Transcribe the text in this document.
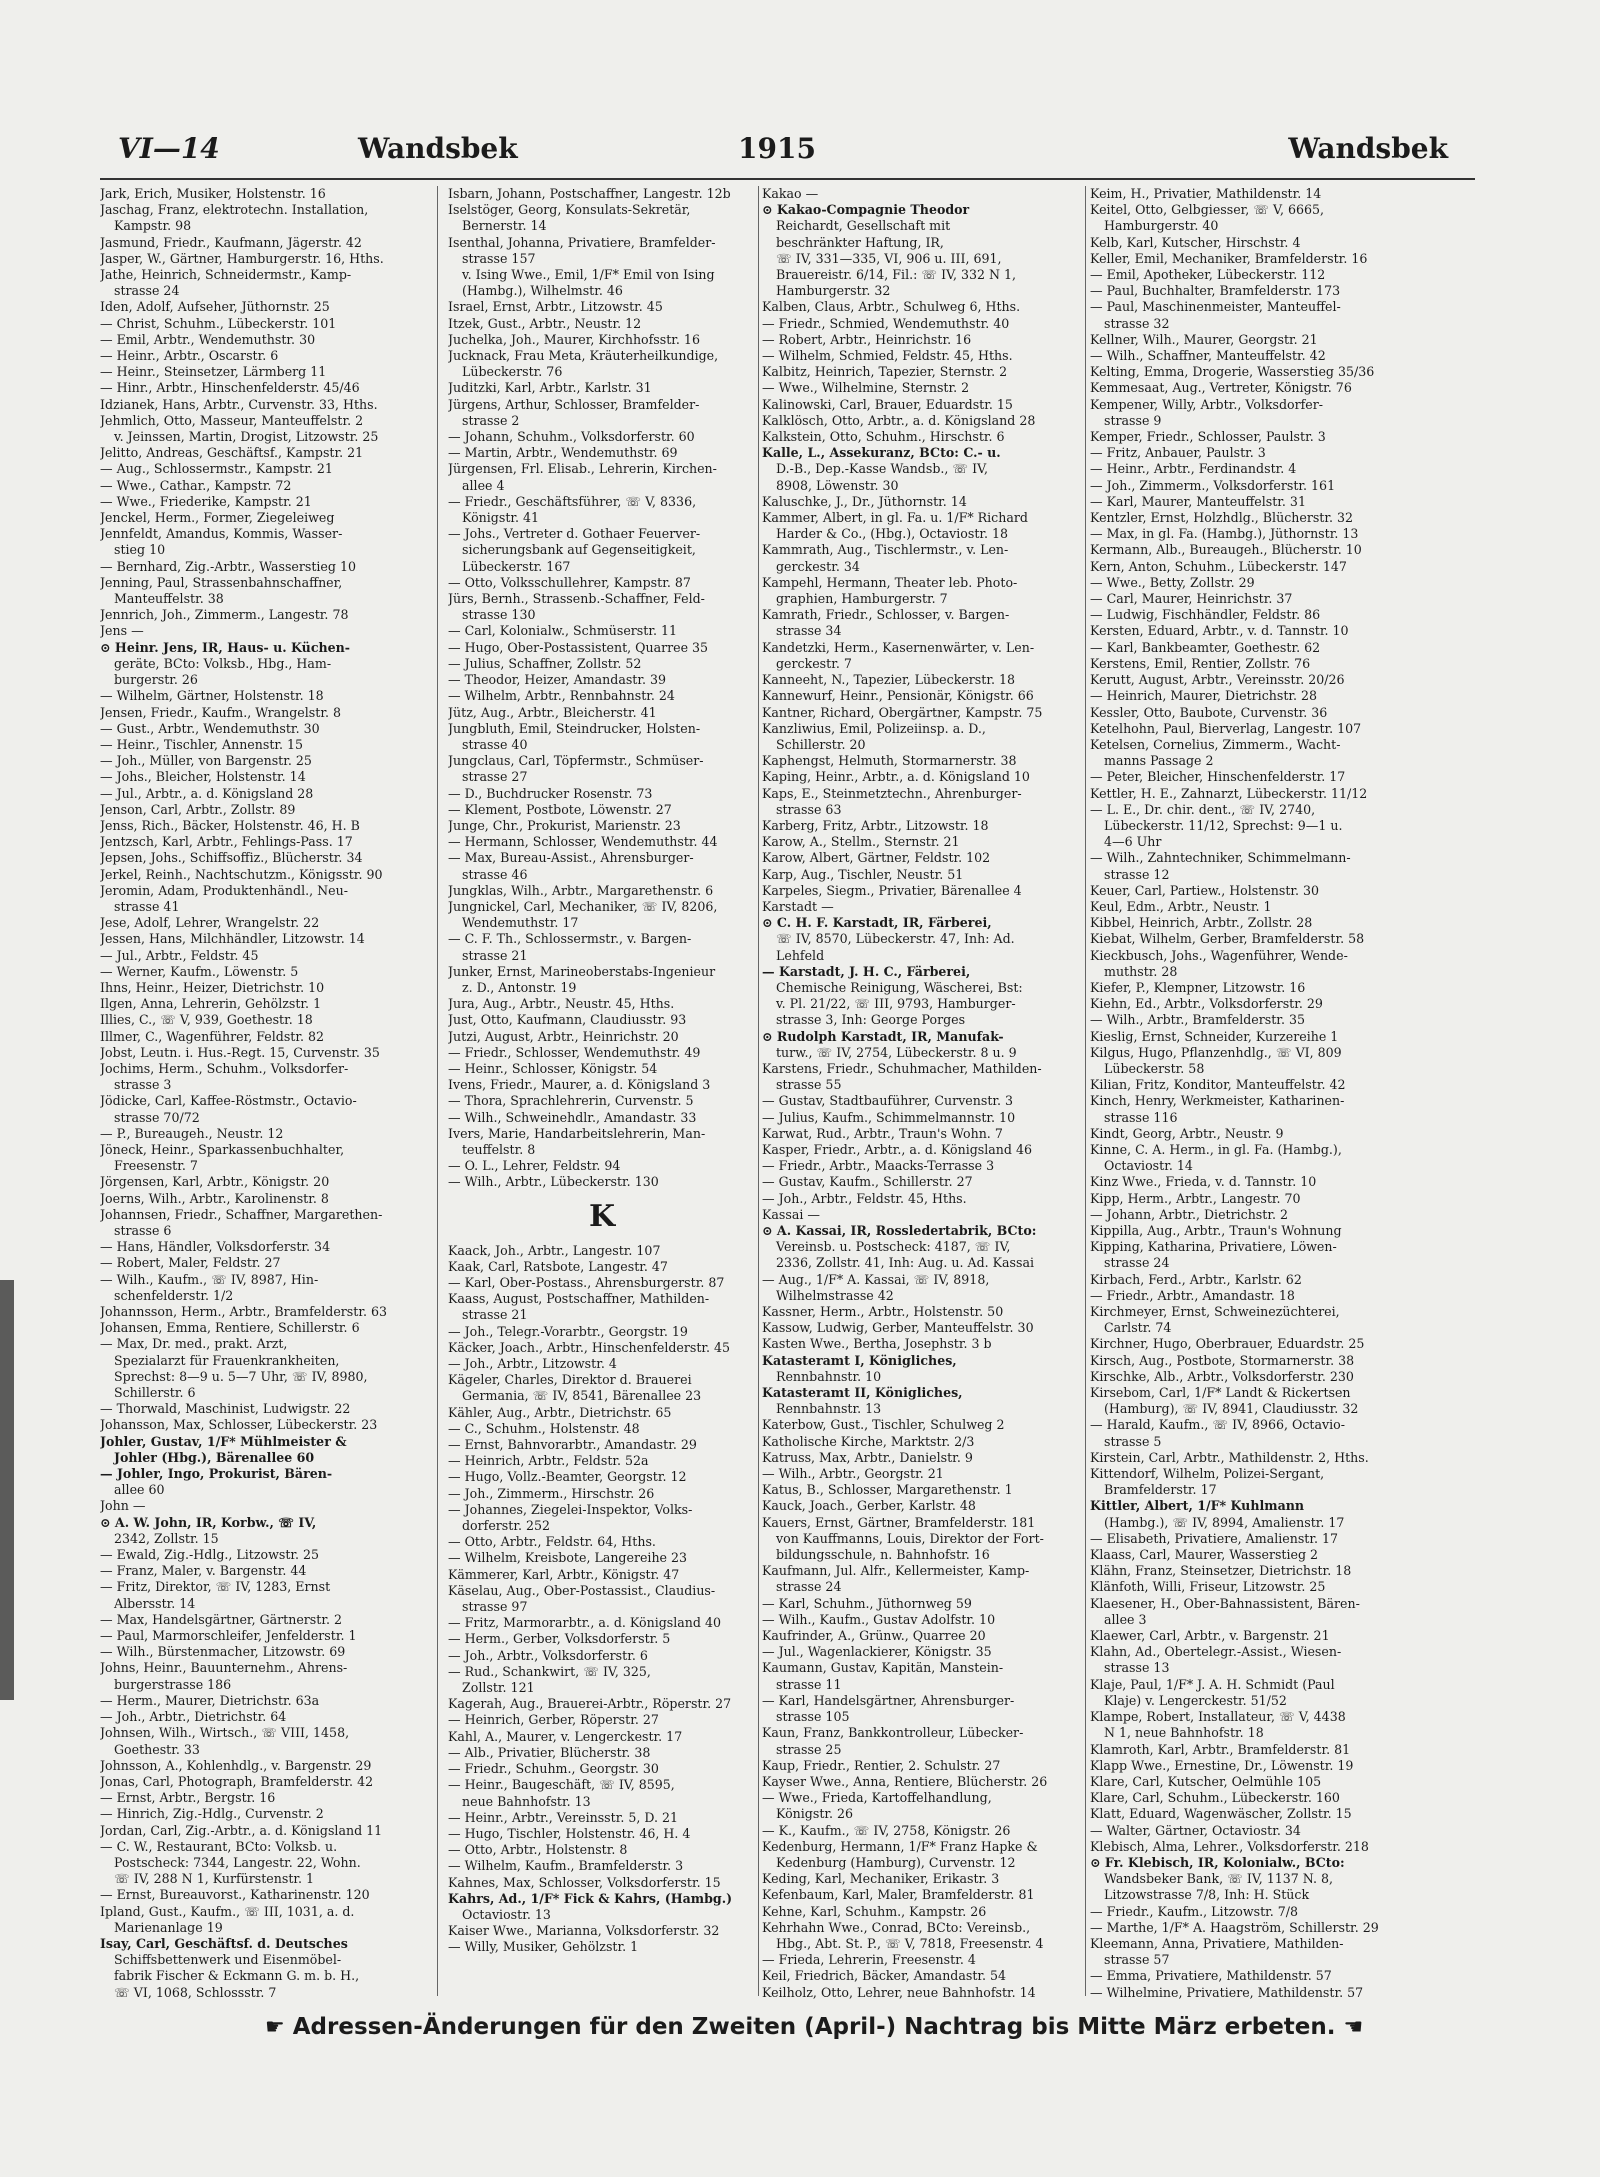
VI—14	Wandsbek	1915	Wandsbek
Jark, Erich, Musiker, Holstenstr. 16
Jaschag, Franz, elektrotechn. Installation,
Kampstr. 98
Jasmund, Friedr., Kaufmann, Jägerstr. 42
Jasper, W., Gärtner, Hamburgerstr. 16, Hths.
Jathe, Heinrich, Schneidermstr., Kamp-
strasse 24
Iden, Adolf, Aufseher, Jüthornstr. 25
— Christ, Schuhm., Lübeckerstr. 101
— Emil, Arbtr., Wendemuthstr. 30
— Heinr., Arbtr., Oscarstr. 6
— Heinr., Steinsetzer, Lärmberg 11
— Hinr., Arbtr., Hinschenfelderstr. 45/46
Idzianek, Hans, Arbtr., Curvenstr. 33, Hths.
Jehmlich, Otto, Masseur, Manteuffelstr. 2
v. Jeinssen, Martin, Drogist, Litzowstr. 25
Jelitto, Andreas, Geschäftsf., Kampstr. 21
— Aug., Schlossermstr., Kampstr. 21
— Wwe., Cathar., Kampstr. 72
— Wwe., Friederike, Kampstr. 21
Jenckel, Herm., Former, Ziegeleiweg
Jennfeldt, Amandus, Kommis, Wasser-
stieg 10
— Bernhard, Zig.-Arbtr., Wasserstieg 10
Jenning, Paul, Strassenbahnschaffner,
Manteuffelstr. 38
Jennrich, Joh., Zimmerm., Langestr. 78
Jens —
⊙ Heinr. Jens, IR, Haus- u. Küchen-
geräte, BCto: Volksb., Hbg., Ham-
burgerstr. 26
— Wilhelm, Gärtner, Holstenstr. 18
Jensen, Friedr., Kaufm., Wrangelstr. 8
— Gust., Arbtr., Wendemuthstr. 30
— Heinr., Tischler, Annenstr. 15
— Joh., Müller, von Bargenstr. 25
— Johs., Bleicher, Holstenstr. 14
— Jul., Arbtr., a. d. Königsland 28
Jenson, Carl, Arbtr., Zollstr. 89
Jenss, Rich., Bäcker, Holstenstr. 46, H. B
Jentzsch, Karl, Arbtr., Fehlings-Pass. 17
Jepsen, Johs., Schiffsoffiz., Blücherstr. 34
Jerkel, Reinh., Nachtschutzm., Königsstr. 90
Jeromin, Adam, Produktenhändl., Neu-
strasse 41
Jese, Adolf, Lehrer, Wrangelstr. 22
Jessen, Hans, Milchhändler, Litzowstr. 14
— Jul., Arbtr., Feldstr. 45
— Werner, Kaufm., Löwenstr. 5
Ihns, Heinr., Heizer, Dietrichstr. 10
Ilgen, Anna, Lehrerin, Gehölzstr. 1
Illies, C., ☏ V, 939, Goethestr. 18
Illmer, C., Wagenführer, Feldstr. 82
Jobst, Leutn. i. Hus.-Regt. 15, Curvenstr. 35
Jochims, Herm., Schuhm., Volksdorfer-
strasse 3
Jödicke, Carl, Kaffee-Röstmstr., Octavio-
strasse 70/72
— P., Bureaugeh., Neustr. 12
Jöneck, Heinr., Sparkassenbuchhalter,
Freesenstr. 7
Jörgensen, Karl, Arbtr., Königstr. 20
Joerns, Wilh., Arbtr., Karolinenstr. 8
Johannsen, Friedr., Schaffner, Margarethen-
strasse 6
— Hans, Händler, Volksdorferstr. 34
— Robert, Maler, Feldstr. 27
— Wilh., Kaufm., ☏ IV, 8987, Hin-
schenfelderstr. 1/2
Johannsson, Herm., Arbtr., Bramfelderstr. 63
Johansen, Emma, Rentiere, Schillerstr. 6
— Max, Dr. med., prakt. Arzt,
Spezialarzt für Frauenkrankheiten,
Sprechst: 8—9 u. 5—7 Uhr, ☏ IV, 8980,
Schillerstr. 6
— Thorwald, Maschinist, Ludwigstr. 22
Johansson, Max, Schlosser, Lübeckerstr. 23
Johler, Gustav, 1/F* Mühlmeister &
Johler (Hbg.), Bärenallee 60
— Johler, Ingo, Prokurist, Bären-
allee 60
John —
⊙ A. W. John, IR, Korbw., ☏ IV,
2342, Zollstr. 15
— Ewald, Zig.-Hdlg., Litzowstr. 25
— Franz, Maler, v. Bargenstr. 44
— Fritz, Direktor, ☏ IV, 1283, Ernst
Albersstr. 14
— Max, Handelsgärtner, Gärtnerstr. 2
— Paul, Marmorschleifer, Jenfelderstr. 1
— Wilh., Bürstenmacher, Litzowstr. 69
Johns, Heinr., Bauunternehm., Ahrens-
burgerstrasse 186
— Herm., Maurer, Dietrichstr. 63a
— Joh., Arbtr., Dietrichstr. 64
Johnsen, Wilh., Wirtsch., ☏ VIII, 1458,
Goethestr. 33
Johnsson, A., Kohlenhdlg., v. Bargenstr. 29
Jonas, Carl, Photograph, Bramfelderstr. 42
— Ernst, Arbtr., Bergstr. 16
— Hinrich, Zig.-Hdlg., Curvenstr. 2
Jordan, Carl, Zig.-Arbtr., a. d. Königsland 11
— C. W., Restaurant, BCto: Volksb. u.
Postscheck: 7344, Langestr. 22, Wohn.
☏ IV, 288 N 1, Kurfürstenstr. 1
— Ernst, Bureauvorst., Katharinenstr. 120
Ipland, Gust., Kaufm., ☏ III, 1031, a. d.
Marienanlage 19
Isay, Carl, Geschäftsf. d. Deutsches
Schiffsbettenwerk und Eisenmöbel-
fabrik Fischer & Eckmann G. m. b. H.,
☏ VI, 1068, Schlossstr. 7
Isbarn, Johann, Postschaffner, Langestr. 12b
Iselstöger, Georg, Konsulats-Sekretär,
Bernerstr. 14
Isenthal, Johanna, Privatiere, Bramfelder-
strasse 157
v. Ising Wwe., Emil, 1/F* Emil von Ising
(Hambg.), Wilhelmstr. 46
Israel, Ernst, Arbtr., Litzowstr. 45
Itzek, Gust., Arbtr., Neustr. 12
Juchelka, Joh., Maurer, Kirchhofsstr. 16
Jucknack, Frau Meta, Kräuterheilkundige,
Lübeckerstr. 76
Juditzki, Karl, Arbtr., Karlstr. 31
Jürgens, Arthur, Schlosser, Bramfelder-
strasse 2
— Johann, Schuhm., Volksdorferstr. 60
— Martin, Arbtr., Wendemuthstr. 69
Jürgensen, Frl. Elisab., Lehrerin, Kirchen-
allee 4
— Friedr., Geschäftsführer, ☏ V, 8336,
Königstr. 41
— Johs., Vertreter d. Gothaer Feuerver-
sicherungsbank auf Gegenseitigkeit,
Lübeckerstr. 167
— Otto, Volksschullehrer, Kampstr. 87
Jürs, Bernh., Strassenb.-Schaffner, Feld-
strasse 130
— Carl, Kolonialw., Schmüserstr. 11
— Hugo, Ober-Postassistent, Quarree 35
— Julius, Schaffner, Zollstr. 52
— Theodor, Heizer, Amandastr. 39
— Wilhelm, Arbtr., Rennbahnstr. 24
Jütz, Aug., Arbtr., Bleicherstr. 41
Jungbluth, Emil, Steindrucker, Holsten-
strasse 40
Jungclaus, Carl, Töpfermstr., Schmüser-
strasse 27
— D., Buchdrucker Rosenstr. 73
— Klement, Postbote, Löwenstr. 27
Junge, Chr., Prokurist, Marienstr. 23
— Hermann, Schlosser, Wendemuthstr. 44
— Max, Bureau-Assist., Ahrensburger-
strasse 46
Jungklas, Wilh., Arbtr., Margarethenstr. 6
Jungnickel, Carl, Mechaniker, ☏ IV, 8206,
Wendemuthstr. 17
— C. F. Th., Schlossermstr., v. Bargen-
strasse 21
Junker, Ernst, Marineoberstabs-Ingenieur
z. D., Antonstr. 19
Jura, Aug., Arbtr., Neustr. 45, Hths.
Just, Otto, Kaufmann, Claudiusstr. 93
Jutzi, August, Arbtr., Heinrichstr. 20
— Friedr., Schlosser, Wendemuthstr. 49
— Heinr., Schlosser, Königstr. 54
Ivens, Friedr., Maurer, a. d. Königsland 3
— Thora, Sprachlehrerin, Curvenstr. 5
— Wilh., Schweinehdlr., Amandastr. 33
Ivers, Marie, Handarbeitslehrerin, Man-
teuffelstr. 8
— O. L., Lehrer, Feldstr. 94
— Wilh., Arbtr., Lübeckerstr. 130
K
Kaack, Joh., Arbtr., Langestr. 107
Kaak, Carl, Ratsbote, Langestr. 47
— Karl, Ober-Postass., Ahrensburgerstr. 87
Kaass, August, Postschaffner, Mathilden-
strasse 21
— Joh., Telegr.-Vorarbtr., Georgstr. 19
Käcker, Joach., Arbtr., Hinschenfelderstr. 45
— Joh., Arbtr., Litzowstr. 4
Kägeler, Charles, Direktor d. Brauerei
Germania, ☏ IV, 8541, Bärenallee 23
Kähler, Aug., Arbtr., Dietrichstr. 65
— C., Schuhm., Holstenstr. 48
— Ernst, Bahnvorarbtr., Amandastr. 29
— Heinrich, Arbtr., Feldstr. 52a
— Hugo, Vollz.-Beamter, Georgstr. 12
— Joh., Zimmerm., Hirschstr. 26
— Johannes, Ziegelei-Inspektor, Volks-
dorferstr. 252
— Otto, Arbtr., Feldstr. 64, Hths.
— Wilhelm, Kreisbote, Langereihe 23
Kämmerer, Karl, Arbtr., Königstr. 47
Käselau, Aug., Ober-Postassist., Claudius-
strasse 97
— Fritz, Marmorarbtr., a. d. Königsland 40
— Herm., Gerber, Volksdorferstr. 5
— Joh., Arbtr., Volksdorferstr. 6
— Rud., Schankwirt, ☏ IV, 325,
Zollstr. 121
Kagerah, Aug., Brauerei-Arbtr., Röperstr. 27
— Heinrich, Gerber, Röperstr. 27
Kahl, A., Maurer, v. Lengerckestr. 17
— Alb., Privatier, Blücherstr. 38
— Friedr., Schuhm., Georgstr. 30
— Heinr., Baugeschäft, ☏ IV, 8595,
neue Bahnhofstr. 13
— Heinr., Arbtr., Vereinsstr. 5, D. 21
— Hugo, Tischler, Holstenstr. 46, H. 4
— Otto, Arbtr., Holstenstr. 8
— Wilhelm, Kaufm., Bramfelderstr. 3
Kahnes, Max, Schlosser, Volksdorferstr. 15
Kahrs, Ad., 1/F* Fick & Kahrs, (Hambg.)
Octaviostr. 13
Kaiser Wwe., Marianna, Volksdorferstr. 32
— Willy, Musiker, Gehölzstr. 1
Kakao —
⊙ Kakao-Compagnie Theodor
Reichardt, Gesellschaft mit
beschränkter Haftung, IR,
☏ IV, 331—335, VI, 906 u. III, 691,
Brauereistr. 6/14, Fil.: ☏ IV, 332 N 1,
Hamburgerstr. 32
Kalben, Claus, Arbtr., Schulweg 6, Hths.
— Friedr., Schmied, Wendemuthstr. 40
— Robert, Arbtr., Heinrichstr. 16
— Wilhelm, Schmied, Feldstr. 45, Hths.
Kalbitz, Heinrich, Tapezier, Sternstr. 2
— Wwe., Wilhelmine, Sternstr. 2
Kalinowski, Carl, Brauer, Eduardstr. 15
Kalklösch, Otto, Arbtr., a. d. Königsland 28
Kalkstein, Otto, Schuhm., Hirschstr. 6
Kalle, L., Assekuranz, BCto: C.- u.
D.-B., Dep.-Kasse Wandsb., ☏ IV,
8908, Löwenstr. 30
Kaluschke, J., Dr., Jüthornstr. 14
Kammer, Albert, in gl. Fa. u. 1/F* Richard
Harder & Co., (Hbg.), Octaviostr. 18
Kammrath, Aug., Tischlermstr., v. Len-
gerckestr. 34
Kampehl, Hermann, Theater leb. Photo-
graphien, Hamburgerstr. 7
Kamrath, Friedr., Schlosser, v. Bargen-
strasse 34
Kandetzki, Herm., Kasernenwärter, v. Len-
gerckestr. 7
Kanneeht, N., Tapezier, Lübeckerstr. 18
Kannewurf, Heinr., Pensionär, Königstr. 66
Kantner, Richard, Obergärtner, Kampstr. 75
Kanzliwius, Emil, Polizeiinsp. a. D.,
Schillerstr. 20
Kaphengst, Helmuth, Stormarnerstr. 38
Kaping, Heinr., Arbtr., a. d. Königsland 10
Kaps, E., Steinmetztechn., Ahrenburger-
strasse 63
Karberg, Fritz, Arbtr., Litzowstr. 18
Karow, A., Stellm., Sternstr. 21
Karow, Albert, Gärtner, Feldstr. 102
Karp, Aug., Tischler, Neustr. 51
Karpeles, Siegm., Privatier, Bärenallee 4
Karstadt —
⊙ C. H. F. Karstadt, IR, Färberei,
☏ IV, 8570, Lübeckerstr. 47, Inh: Ad.
Lehfeld
— Karstadt, J. H. C., Färberei,
Chemische Reinigung, Wäscherei, Bst:
v. Pl. 21/22, ☏ III, 9793, Hamburger-
strasse 3, Inh: George Porges
⊙ Rudolph Karstadt, IR, Manufak-
turw., ☏ IV, 2754, Lübeckerstr. 8 u. 9
Karstens, Friedr., Schuhmacher, Mathilden-
strasse 55
— Gustav, Stadtbauführer, Curvenstr. 3
— Julius, Kaufm., Schimmelmannstr. 10
Karwat, Rud., Arbtr., Traun's Wohn. 7
Kasper, Friedr., Arbtr., a. d. Königsland 46
— Friedr., Arbtr., Maacks-Terrasse 3
— Gustav, Kaufm., Schillerstr. 27
— Joh., Arbtr., Feldstr. 45, Hths.
Kassai —
⊙ A. Kassai, IR, Rossledertabrik, BCto:
Vereinsb. u. Postscheck: 4187, ☏ IV,
2336, Zollstr. 41, Inh: Aug. u. Ad. Kassai
— Aug., 1/F* A. Kassai, ☏ IV, 8918,
Wilhelmstrasse 42
Kassner, Herm., Arbtr., Holstenstr. 50
Kassow, Ludwig, Gerber, Manteuffelstr. 30
Kasten Wwe., Bertha, Josephstr. 3 b
Katasteramt I, Königliches,
Rennbahnstr. 10
Katasteramt II, Königliches,
Rennbahnstr. 13
Katerbow, Gust., Tischler, Schulweg 2
Katholische Kirche, Marktstr. 2/3
Katruss, Max, Arbtr., Danielstr. 9
— Wilh., Arbtr., Georgstr. 21
Katus, B., Schlosser, Margarethenstr. 1
Kauck, Joach., Gerber, Karlstr. 48
Kauers, Ernst, Gärtner, Bramfelderstr. 181
von Kauffmanns, Louis, Direktor der Fort-
bildungsschule, n. Bahnhofstr. 16
Kaufmann, Jul. Alfr., Kellermeister, Kamp-
strasse 24
— Karl, Schuhm., Jüthornweg 59
— Wilh., Kaufm., Gustav Adolfstr. 10
Kaufrinder, A., Grünw., Quarree 20
— Jul., Wagenlackierer, Königstr. 35
Kaumann, Gustav, Kapitän, Manstein-
strasse 11
— Karl, Handelsgärtner, Ahrensburger-
strasse 105
Kaun, Franz, Bankkontrolleur, Lübecker-
strasse 25
Kaup, Friedr., Rentier, 2. Schulstr. 27
Kayser Wwe., Anna, Rentiere, Blücherstr. 26
— Wwe., Frieda, Kartoffelhandlung,
Königstr. 26
— K., Kaufm., ☏ IV, 2758, Königstr. 26
Kedenburg, Hermann, 1/F* Franz Hapke &
Kedenburg (Hamburg), Curvenstr. 12
Keding, Karl, Mechaniker, Erikastr. 3
Kefenbaum, Karl, Maler, Bramfelderstr. 81
Kehne, Karl, Schuhm., Kampstr. 26
Kehrhahn Wwe., Conrad, BCto: Vereinsb.,
Hbg., Abt. St. P., ☏ V, 7818, Freesenstr. 4
— Frieda, Lehrerin, Freesenstr. 4
Keil, Friedrich, Bäcker, Amandastr. 54
Keilholz, Otto, Lehrer, neue Bahnhofstr. 14
Keim, H., Privatier, Mathildenstr. 14
Keitel, Otto, Gelbgiesser, ☏ V, 6665,
Hamburgerstr. 40
Kelb, Karl, Kutscher, Hirschstr. 4
Keller, Emil, Mechaniker, Bramfelderstr. 16
— Emil, Apotheker, Lübeckerstr. 112
— Paul, Buchhalter, Bramfelderstr. 173
— Paul, Maschinenmeister, Manteuffel-
strasse 32
Kellner, Wilh., Maurer, Georgstr. 21
— Wilh., Schaffner, Manteuffelstr. 42
Kelting, Emma, Drogerie, Wasserstieg 35/36
Kemmesaat, Aug., Vertreter, Königstr. 76
Kempener, Willy, Arbtr., Volksdorfer-
strasse 9
Kemper, Friedr., Schlosser, Paulstr. 3
— Fritz, Anbauer, Paulstr. 3
— Heinr., Arbtr., Ferdinandstr. 4
— Joh., Zimmerm., Volksdorferstr. 161
— Karl, Maurer, Manteuffelstr. 31
Kentzler, Ernst, Holzhdlg., Blücherstr. 32
— Max, in gl. Fa. (Hambg.), Jüthornstr. 13
Kermann, Alb., Bureaugeh., Blücherstr. 10
Kern, Anton, Schuhm., Lübeckerstr. 147
— Wwe., Betty, Zollstr. 29
— Carl, Maurer, Heinrichstr. 37
— Ludwig, Fischhändler, Feldstr. 86
Kersten, Eduard, Arbtr., v. d. Tannstr. 10
— Karl, Bankbeamter, Goethestr. 62
Kerstens, Emil, Rentier, Zollstr. 76
Kerutt, August, Arbtr., Vereinsstr. 20/26
— Heinrich, Maurer, Dietrichstr. 28
Kessler, Otto, Baubote, Curvenstr. 36
Ketelhohn, Paul, Bierverlag, Langestr. 107
Ketelsen, Cornelius, Zimmerm., Wacht-
manns Passage 2
— Peter, Bleicher, Hinschenfelderstr. 17
Kettler, H. E., Zahnarzt, Lübeckerstr. 11/12
— L. E., Dr. chir. dent., ☏ IV, 2740,
Lübeckerstr. 11/12, Sprechst: 9—1 u.
4—6 Uhr
— Wilh., Zahntechniker, Schimmelmann-
strasse 12
Keuer, Carl, Partiew., Holstenstr. 30
Keul, Edm., Arbtr., Neustr. 1
Kibbel, Heinrich, Arbtr., Zollstr. 28
Kiebat, Wilhelm, Gerber, Bramfelderstr. 58
Kieckbusch, Johs., Wagenführer, Wende-
muthstr. 28
Kiefer, P., Klempner, Litzowstr. 16
Kiehn, Ed., Arbtr., Volksdorferstr. 29
— Wilh., Arbtr., Bramfelderstr. 35
Kieslig, Ernst, Schneider, Kurzereihe 1
Kilgus, Hugo, Pflanzenhdlg., ☏ VI, 809
Lübeckerstr. 58
Kilian, Fritz, Konditor, Manteuffelstr. 42
Kinch, Henry, Werkmeister, Katharinen-
strasse 116
Kindt, Georg, Arbtr., Neustr. 9
Kinne, C. A. Herm., in gl. Fa. (Hambg.),
Octaviostr. 14
Kinz Wwe., Frieda, v. d. Tannstr. 10
Kipp, Herm., Arbtr., Langestr. 70
— Johann, Arbtr., Dietrichstr. 2
Kippilla, Aug., Arbtr., Traun's Wohnung
Kipping, Katharina, Privatiere, Löwen-
strasse 24
Kirbach, Ferd., Arbtr., Karlstr. 62
— Friedr., Arbtr., Amandastr. 18
Kirchmeyer, Ernst, Schweinezüchterei,
Carlstr. 74
Kirchner, Hugo, Oberbrauer, Eduardstr. 25
Kirsch, Aug., Postbote, Stormarnerstr. 38
Kirschke, Alb., Arbtr., Volksdorferstr. 230
Kirsebom, Carl, 1/F* Landt & Rickertsen
(Hamburg), ☏ IV, 8941, Claudiusstr. 32
— Harald, Kaufm., ☏ IV, 8966, Octavio-
strasse 5
Kirstein, Carl, Arbtr., Mathildenstr. 2, Hths.
Kittendorf, Wilhelm, Polizei-Sergant,
Bramfelderstr. 17
Kittler, Albert, 1/F* Kuhlmann
(Hambg.), ☏ IV, 8994, Amalienstr. 17
— Elisabeth, Privatiere, Amalienstr. 17
Klaass, Carl, Maurer, Wasserstieg 2
Klähn, Franz, Steinsetzer, Dietrichstr. 18
Klänfoth, Willi, Friseur, Litzowstr. 25
Klaesener, H., Ober-Bahnassistent, Bären-
allee 3
Klaewer, Carl, Arbtr., v. Bargenstr. 21
Klahn, Ad., Obertelegr.-Assist., Wiesen-
strasse 13
Klaje, Paul, 1/F* J. A. H. Schmidt (Paul
Klaje) v. Lengerckestr. 51/52
Klampe, Robert, Installateur, ☏ V, 4438
N 1, neue Bahnhofstr. 18
Klamroth, Karl, Arbtr., Bramfelderstr. 81
Klapp Wwe., Ernestine, Dr., Löwenstr. 19
Klare, Carl, Kutscher, Oelmühle 105
Klare, Carl, Schuhm., Lübeckerstr. 160
Klatt, Eduard, Wagenwäscher, Zollstr. 15
— Walter, Gärtner, Octaviostr. 34
Klebisch, Alma, Lehrer., Volksdorferstr. 218
⊙ Fr. Klebisch, IR, Kolonialw., BCto:
Wandsbeker Bank, ☏ IV, 1137 N. 8,
Litzowstrasse 7/8, Inh: H. Stück
— Friedr., Kaufm., Litzowstr. 7/8
— Marthe, 1/F* A. Haagström, Schillerstr. 29
Kleemann, Anna, Privatiere, Mathilden-
strasse 57
— Emma, Privatiere, Mathildenstr. 57
— Wilhelmine, Privatiere, Mathildenstr. 57
☛ Adressen-Änderungen für den Zweiten (April-) Nachtrag bis Mitte März erbeten. ☚
